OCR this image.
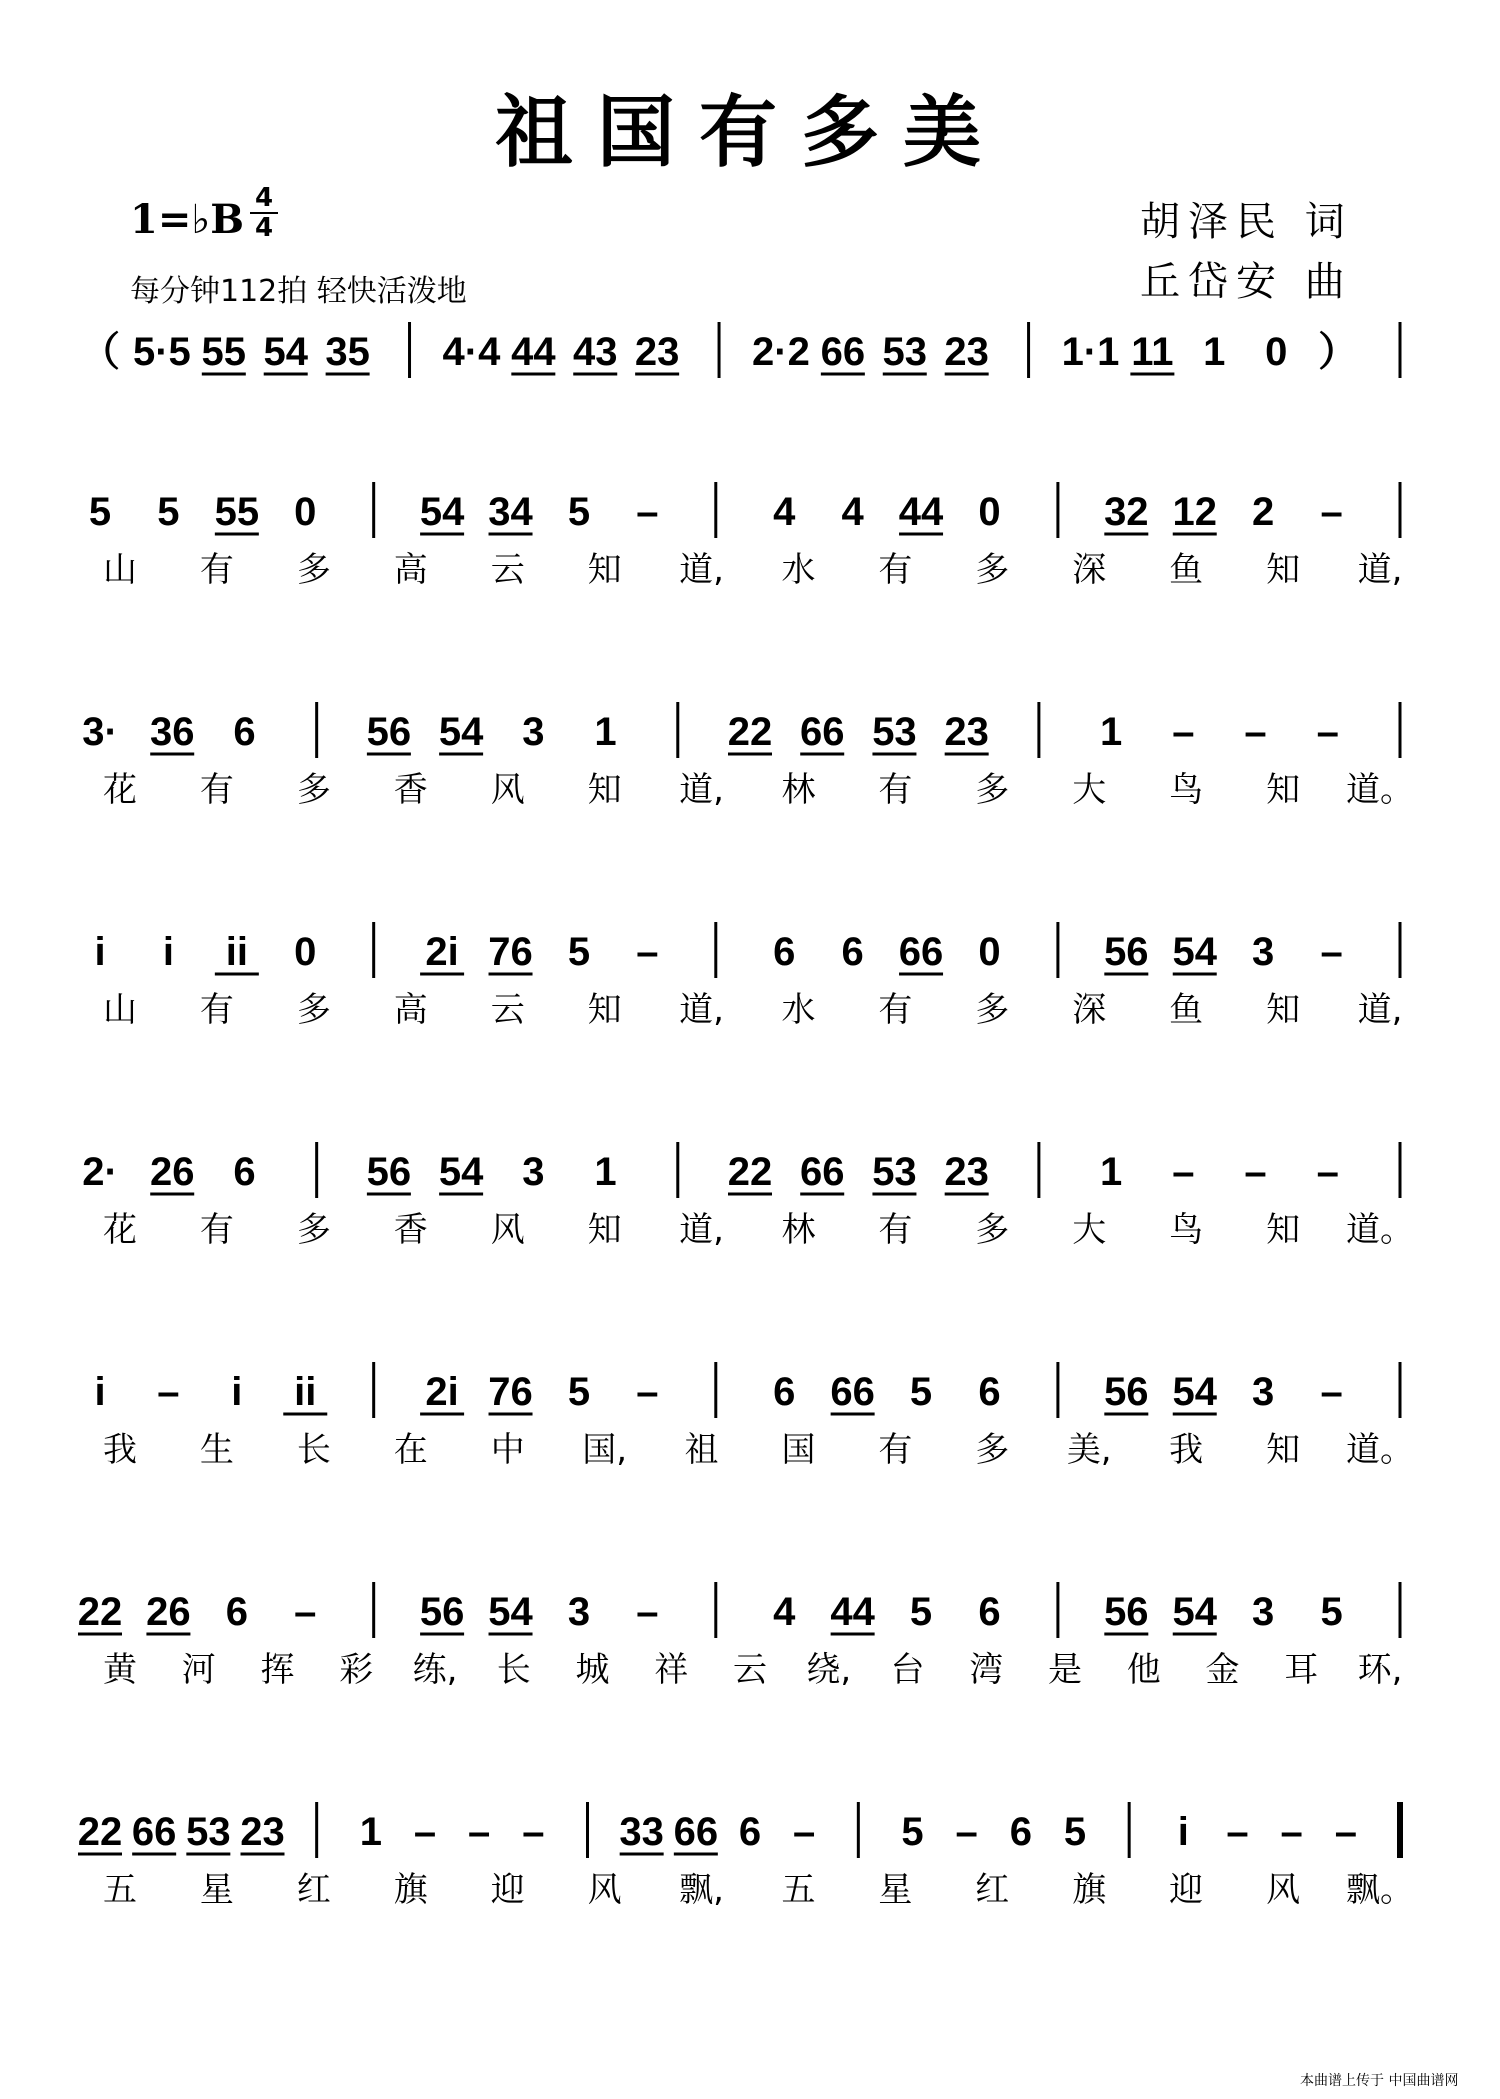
祖国有多美
1=♭B $\frac{4}{4}$
每分钟112拍 轻快活泼地
胡泽民 词
丘岱安 曲
（ 5·5 55 54 35 4·4 44 43 23 2·2 66 53 23 1·1 11 1 0 ）
5 5 55 0	54 34 5 –	4 4 44 0	32 12 2 –
山 有 多 高 云 知 道, 水 有 多 深 鱼 知 道,
3· 36 6	56 54 3 1	22 66 53 23	1 – – –
花 有 多 香 风 知 道, 林 有 多 大 鸟 知 道。
i i ii 0	2i 76 5 –	6 6 66 0	56 54 3 –
山 有 多 高 云 知 道, 水 有 多 深 鱼 知 道,
2· 26 6	56 54 3 1	22 66 53 23	1 – – –
花 有 多 香 风 知 道, 林 有 多 大 鸟 知 道。
i – i ii	2i 76 5 –	6 66 5 6	56 54 3 –
我 生 长 在 中 国, 祖 国 有 多 美, 我 知 道。
22 26 6 –	56 54 3 –	4 44 5 6	56 54 3 5
黄 河 挥 彩 练, 长 城 祥 云 绕, 台 湾 是 他 金 耳 环,
22 66 53 23 1 – – – 33 66 6 – 5 – 6 5 i – – –
五 星 红 旗 迎 风 飘, 五 星 红 旗 迎 风 飘。
本曲谱上传于 中国曲谱网
